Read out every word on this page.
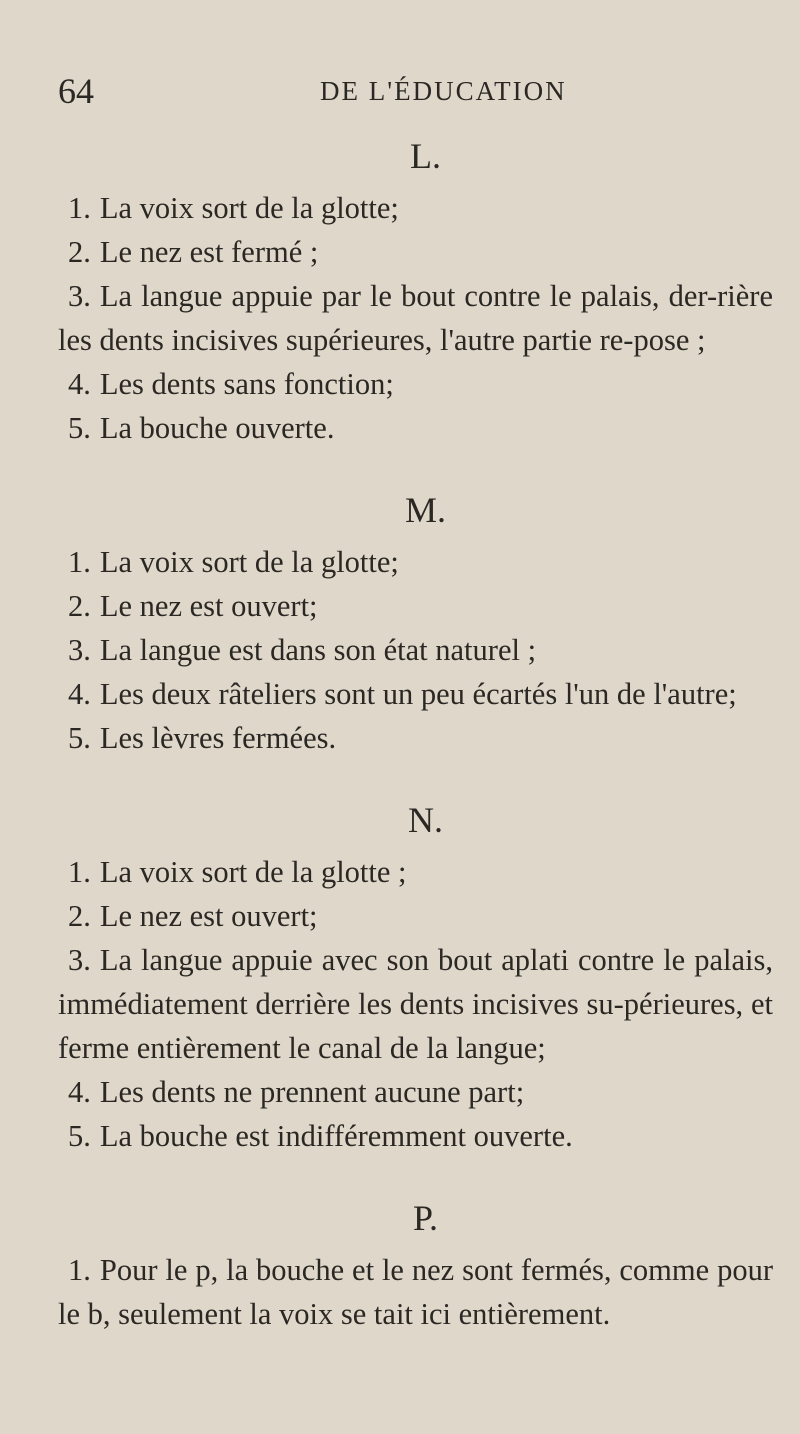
64	DE L'ÉDUCATION
L.

1. La voix sort de la glotte;

2. Le nez est fermé ;

3. La langue appuie par le bout contre le palais, der-rière les dents incisives supérieures, l'autre partie re-pose ;

4. Les dents sans fonction;

5. La bouche ouverte.

M.

1. La voix sort de la glotte;

2. Le nez est ouvert;

3. La langue est dans son état naturel ;

4. Les deux râteliers sont un peu écartés l'un de l'autre;

5. Les lèvres fermées.

N.

1. La voix sort de la glotte ;

2. Le nez est ouvert;

3. La langue appuie avec son bout aplati contre le palais, immédiatement derrière les dents incisives su-périeures, et ferme entièrement le canal de la langue;

4. Les dents ne prennent aucune part;

5. La bouche est indifféremment ouverte.

P.

1. Pour le p, la bouche et le nez sont fermés, comme pour le b, seulement la voix se tait ici entièrement.
